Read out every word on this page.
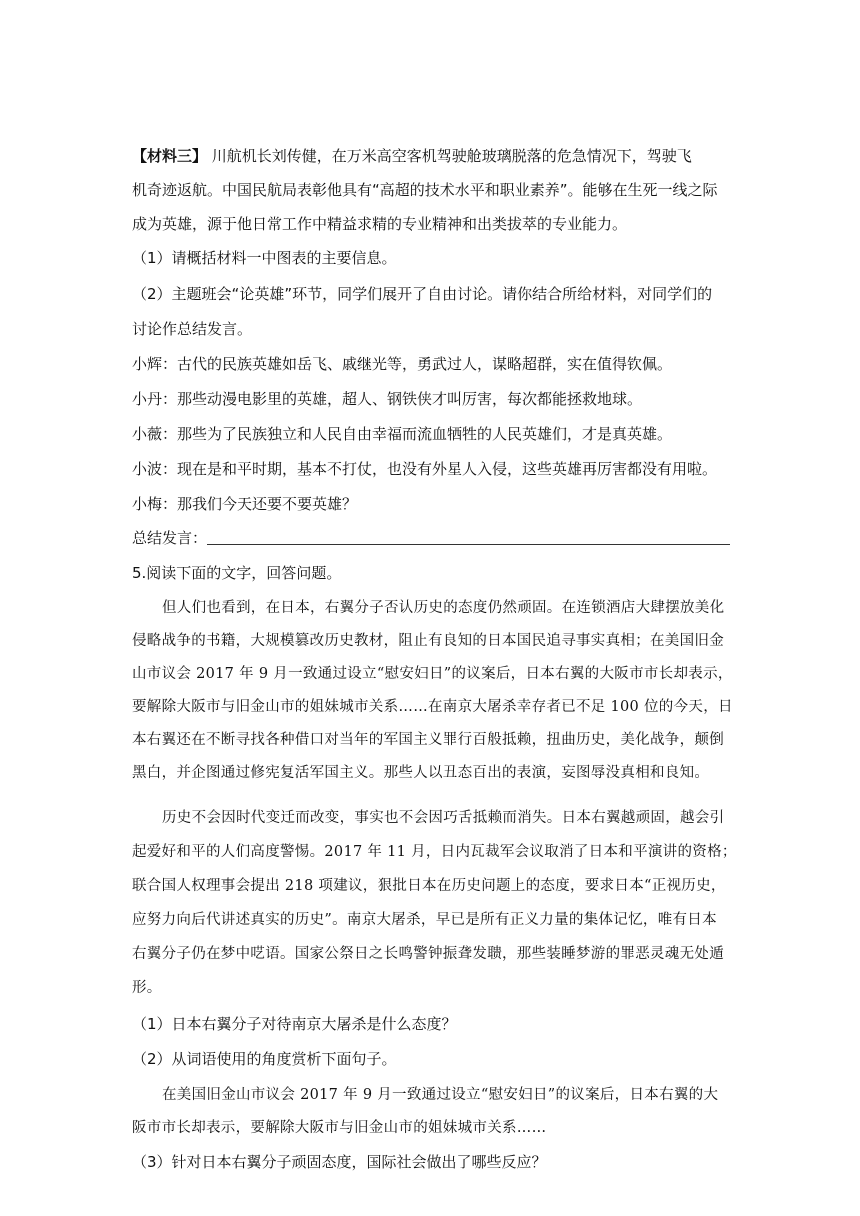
【材料三】 川航机长刘传健，在万米高空客机驾驶舱玻璃脱落的危急情况下，驾驶飞
机奇迹返航。中国民航局表彰他具有“高超的技术水平和职业素养”。能够在生死一线之际
成为英雄，源于他日常工作中精益求精的专业精神和出类拔萃的专业能力。
（1）请概括材料一中图表的主要信息。
（2）主题班会“论英雄”环节，同学们展开了自由讨论。请你结合所给材料，对同学们的
讨论作总结发言。
小辉：古代的民族英雄如岳飞、戚继光等，勇武过人，谋略超群，实在值得钦佩。
小丹：那些动漫电影里的英雄，超人、钢铁侠才叫厉害，每次都能拯救地球。
小薇：那些为了民族独立和人民自由幸福而流血牺牲的人民英雄们，才是真英雄。
小波：现在是和平时期，基本不打仗，也没有外星人入侵，这些英雄再厉害都没有用啦。
小梅：那我们今天还要不要英雄？
总结发言：
5.阅读下面的文字，回答问题。
但人们也看到，在日本，右翼分子否认历史的态度仍然顽固。在连锁酒店大肆摆放美化
侵略战争的书籍，大规模篡改历史教材，阻止有良知的日本国民追寻事实真相；在美国旧金
山市议会 2017 年 9 月一致通过设立“慰安妇日”的议案后，日本右翼的大阪市市长却表示，
要解除大阪市与旧金山市的姐妹城市关系……在南京大屠杀幸存者已不足 100 位的今天，日
本右翼还在不断寻找各种借口对当年的军国主义罪行百般抵赖，扭曲历史，美化战争，颠倒
黑白，并企图通过修宪复活军国主义。那些人以丑态百出的表演，妄图辱没真相和良知。
历史不会因时代变迁而改变，事实也不会因巧舌抵赖而消失。日本右翼越顽固，越会引
起爱好和平的人们高度警惕。2017 年 11 月，日内瓦裁军会议取消了日本和平演讲的资格；
联合国人权理事会提出 218 项建议，狠批日本在历史问题上的态度，要求日本“正视历史，
应努力向后代讲述真实的历史”。南京大屠杀，早已是所有正义力量的集体记忆，唯有日本
右翼分子仍在梦中呓语。国家公祭日之长鸣警钟振聋发聩，那些装睡梦游的罪恶灵魂无处遁
形。
（1）日本右翼分子对待南京大屠杀是什么态度？
（2）从词语使用的角度赏析下面句子。
在美国旧金山市议会 2017 年 9 月一致通过设立“慰安妇日”的议案后，日本右翼的大
阪市市长却表示，要解除大阪市与旧金山市的姐妹城市关系……
（3）针对日本右翼分子顽固态度，国际社会做出了哪些反应？
